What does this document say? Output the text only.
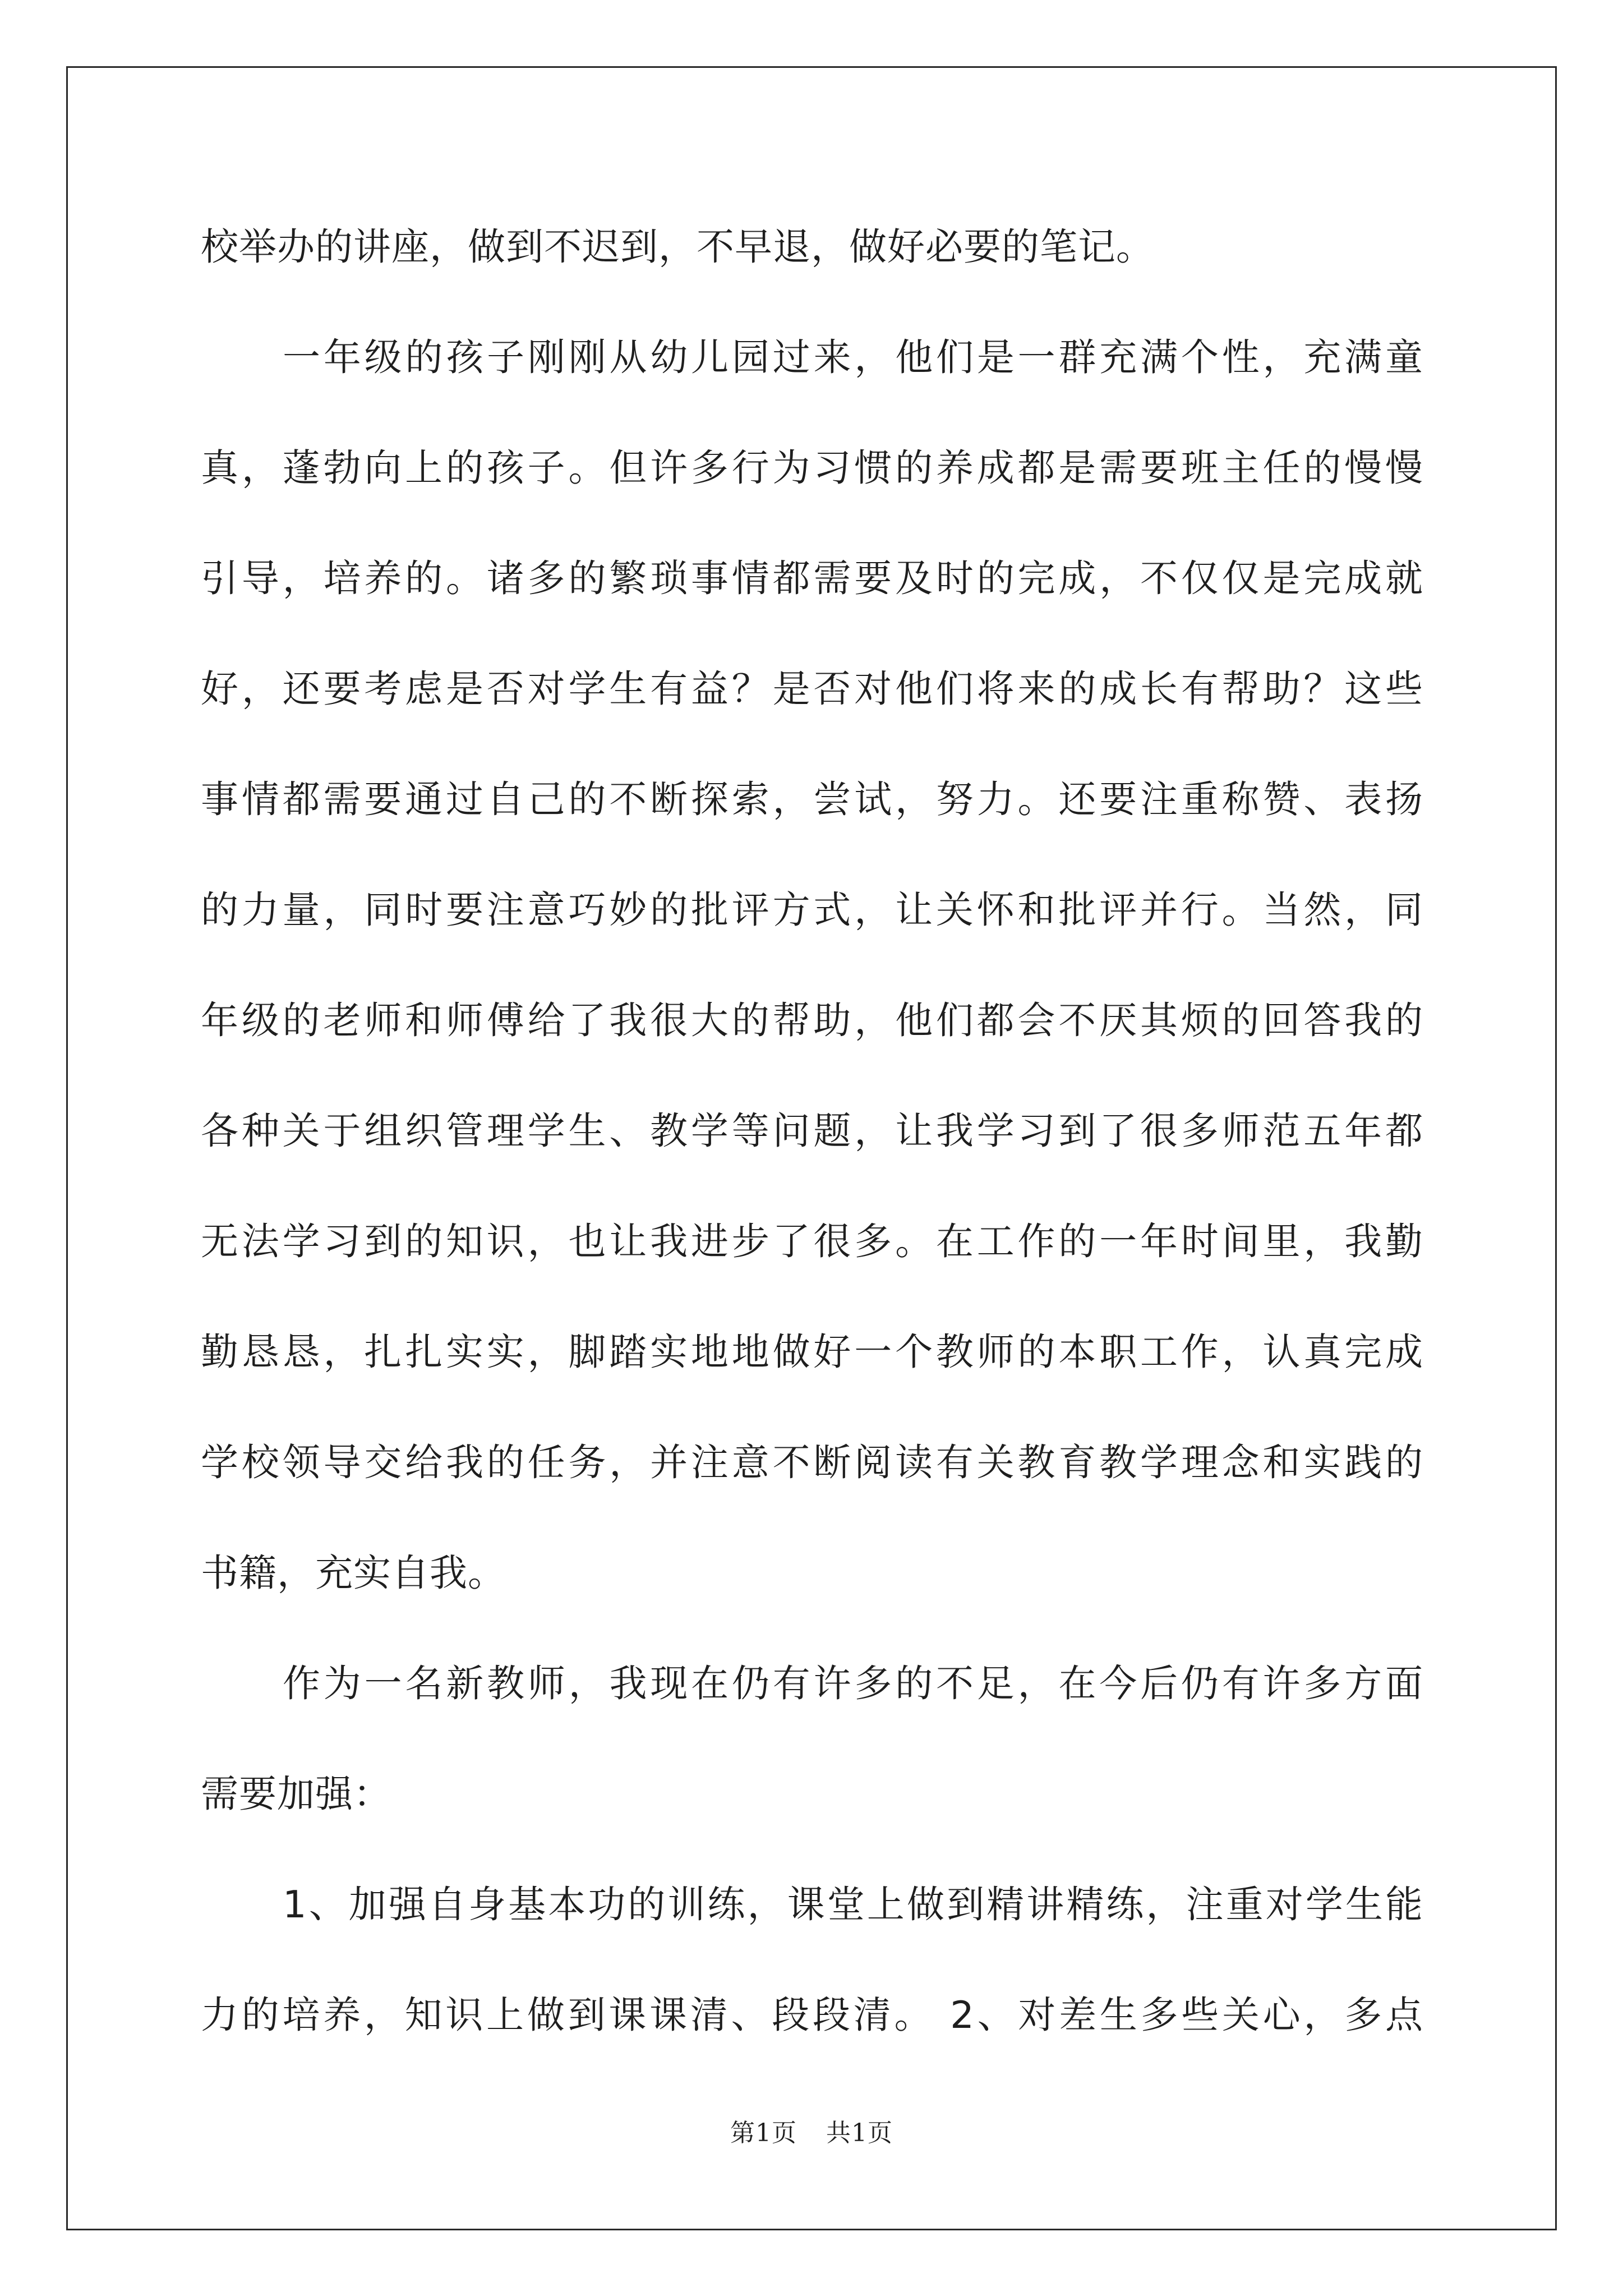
校举办的讲座，做到不迟到，不早退，做好必要的笔记。
一年级的孩子刚刚从幼儿园过来，他们是一群充满个性，充满童
真，蓬勃向上的孩子。但许多行为习惯的养成都是需要班主任的慢慢
引导，培养的。诸多的繁琐事情都需要及时的完成，不仅仅是完成就
好，还要考虑是否对学生有益？是否对他们将来的成长有帮助？这些
事情都需要通过自己的不断探索，尝试，努力。还要注重称赞、表扬
的力量，同时要注意巧妙的批评方式，让关怀和批评并行。当然，同
年级的老师和师傅给了我很大的帮助，他们都会不厌其烦的回答我的
各种关于组织管理学生、教学等问题，让我学习到了很多师范五年都
无法学习到的知识，也让我进步了很多。在工作的一年时间里，我勤
勤恳恳，扎扎实实，脚踏实地地做好一个教师的本职工作，认真完成
学校领导交给我的任务，并注意不断阅读有关教育教学理念和实践的
书籍，充实自我。
作为一名新教师，我现在仍有许多的不足，在今后仍有许多方面
需要加强：
1、加强自身基本功的训练，课堂上做到精讲精练，注重对学生能
力的培养，知识上做到课课清、段段清。 2、对差生多些关心，多点
第1页 共1页
